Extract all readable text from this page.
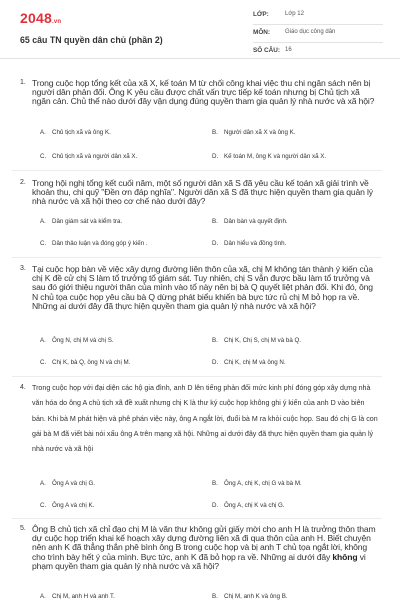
2048.vn
65 câu TN quyền dân chủ (phần 2)
LỚP:	Lớp 12
MÔN: Giáo dục công dân
SỐ CÂU: 16
1. Trong cuộc họp tổng kết của xã X, kế toán M từ chối công khai việc thu chi ngân sách nên bị người dân phản đối. Ông K yêu cầu được chất vấn trực tiếp kế toán nhưng bị Chủ tịch xã ngăn cản. Chủ thể nào dưới đây vận dụng đúng quyền tham gia quản lý nhà nước và xã hội?
A. Chủ tịch xã và ông K.	B. Người dân xã X và ông K.
C. Chủ tịch xã và người dân xã X.	D. Kế toán M, ông K và người dân xã X.
2. Trong hội nghị tổng kết cuối năm, một số người dân xã S đã yêu cầu kế toán xã giải trình về khoản thu, chi quỹ "Đền ơn đáp nghĩa". Người dân xã S đã thực hiện quyền tham gia quản lý nhà nước và xã hội theo cơ chế nào dưới đây?
A. Dân giám sát và kiểm tra.	B. Dân bàn và quyết định.
C. Dân thảo luận và đóng góp ý kiến .	D. Dân hiểu và đồng tình.
3. Tại cuộc họp bàn về việc xây dựng đường liên thôn của xã, chị M không tán thành ý kiến của chị K đề cử chị S làm tổ trưởng tổ giám sát. Tuy nhiên, chị S vẫn được bầu làm tổ trưởng và sau đó giới thiệu người thân của mình vào tổ này nên bị bà Q quyết liệt phản đối. Khi đó, ông N chủ tọa cuộc họp yêu cầu bà Q dừng phát biểu khiến bà bực tức rủ chị M bỏ họp ra về. Những ai dưới đây đã thực hiện quyền tham gia quản lý nhà nước và xã hội?
A. Ông N, chị M và chị S.	B. Chị K, Chị S, chị M và bà Q.
C. Chị K, bà Q, ông N và chị M.	D. Chị K, chị M và ông N.
4. Trong cuộc họp với đại diện các hộ gia đình, anh D lên tiếng phản đối mức kinh phí đóng góp xây dựng nhà văn hóa do ông A chủ tịch xã đề xuất nhưng chị K là thư ký cuộc họp không ghi ý kiến của anh D vào biên bản. Khi bà M phát hiện và phê phán việc này, ông A ngắt lời, đuổi bà M ra khỏi cuộc họp. Sau đó chị G là con gái bà M đã viết bài nói xấu ông A trên mạng xã hội. Những ai dưới đây đã thực hiện quyền tham gia quản lý nhà nước và xã hội
A. Ông A và chị G.	B. Ông A, chị K, chị G và bà M.
C. Ông A và chị K.	D. Ông A, chị K và chị G.
5. Ông B chủ tịch xã chỉ đạo chị M là văn thư không gửi giấy mời cho anh H là trưởng thôn tham dự cuộc họp triển khai kế hoạch xây dựng đường liên xã đi qua thôn của anh H. Biết chuyện nên anh K đã thẳng thắn phê bình ông B trong cuộc họp và bị anh T chủ tọa ngắt lời, không cho trình bày hết ý của mình. Bực tức, anh K đã bỏ họp ra về. Những ai dưới đây không vi phạm quyền tham gia quản lý nhà nước và xã hội?
A. Chị M, anh H và anh T.	B. Chị M, anh K và ông B.
